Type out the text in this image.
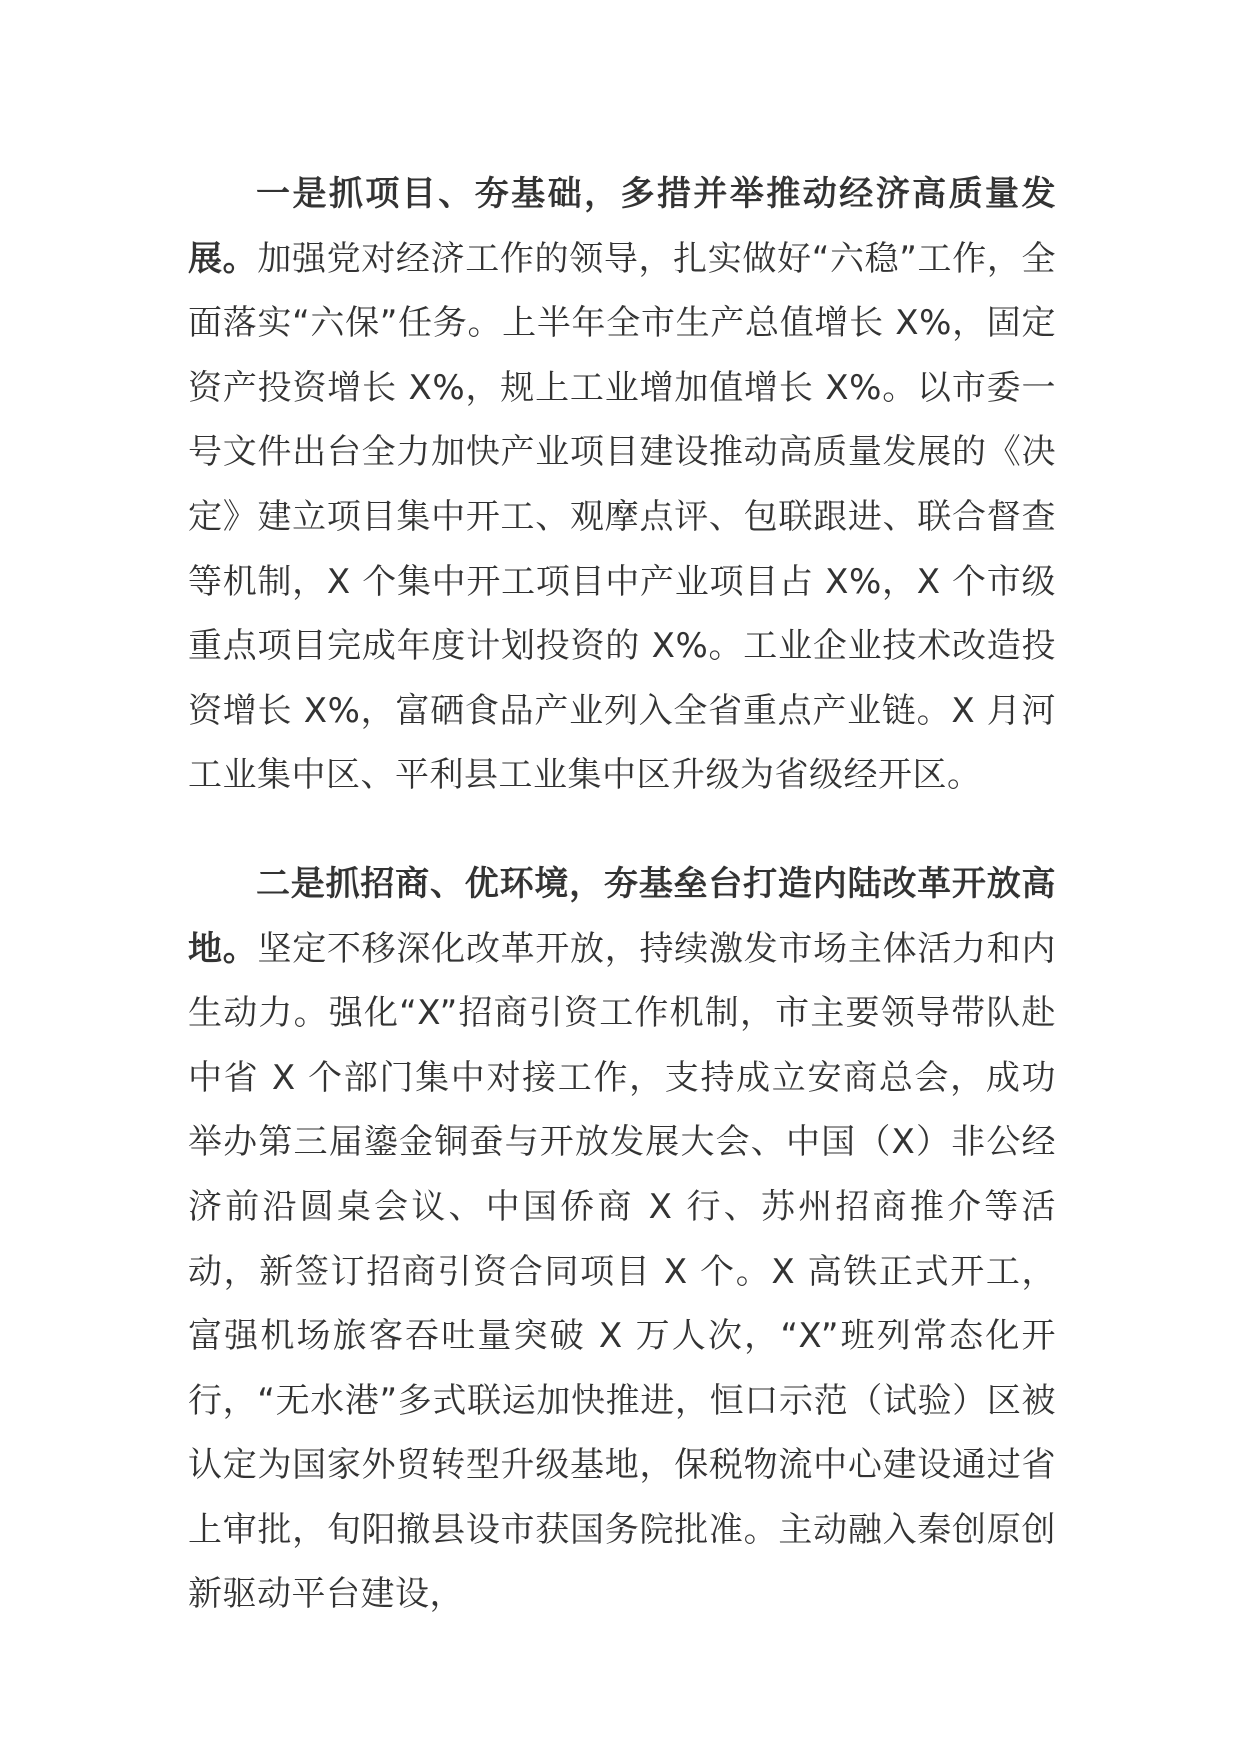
一是抓项目、夯基础，多措并举推动经济高质量发展。加强党对经济工作的领导，扎实做好“六稳”工作，全面落实“六保”任务。上半年全市生产总值增长 X%，固定资产投资增长 X%，规上工业增加值增长 X%。以市委一号文件出台全力加快产业项目建设推动高质量发展的《决定》建立项目集中开工、观摩点评、包联跟进、联合督查等机制，X 个集中开工项目中产业项目占 X%，X 个市级重点项目完成年度计划投资的 X%。工业企业技术改造投资增长 X%，富硒食品产业列入全省重点产业链。X 月河工业集中区、平利县工业集中区升级为省级经开区。

二是抓招商、优环境，夯基垒台打造内陆改革开放高地。坚定不移深化改革开放，持续激发市场主体活力和内生动力。强化“X”招商引资工作机制，市主要领导带队赴中省 X 个部门集中对接工作，支持成立安商总会，成功举办第三届鎏金铜蚕与开放发展大会、中国（X）非公经济前沿圆桌会议、中国侨商 X 行、苏州招商推介等活动，新签订招商引资合同项目 X 个。X 高铁正式开工，富强机场旅客吞吐量突破 X 万人次，“X”班列常态化开行，“无水港”多式联运加快推进，恒口示范（试验）区被认定为国家外贸转型升级基地，保税物流中心建设通过省上审批，旬阳撤县设市获国务院批准。主动融入秦创原创新驱动平台建设，
